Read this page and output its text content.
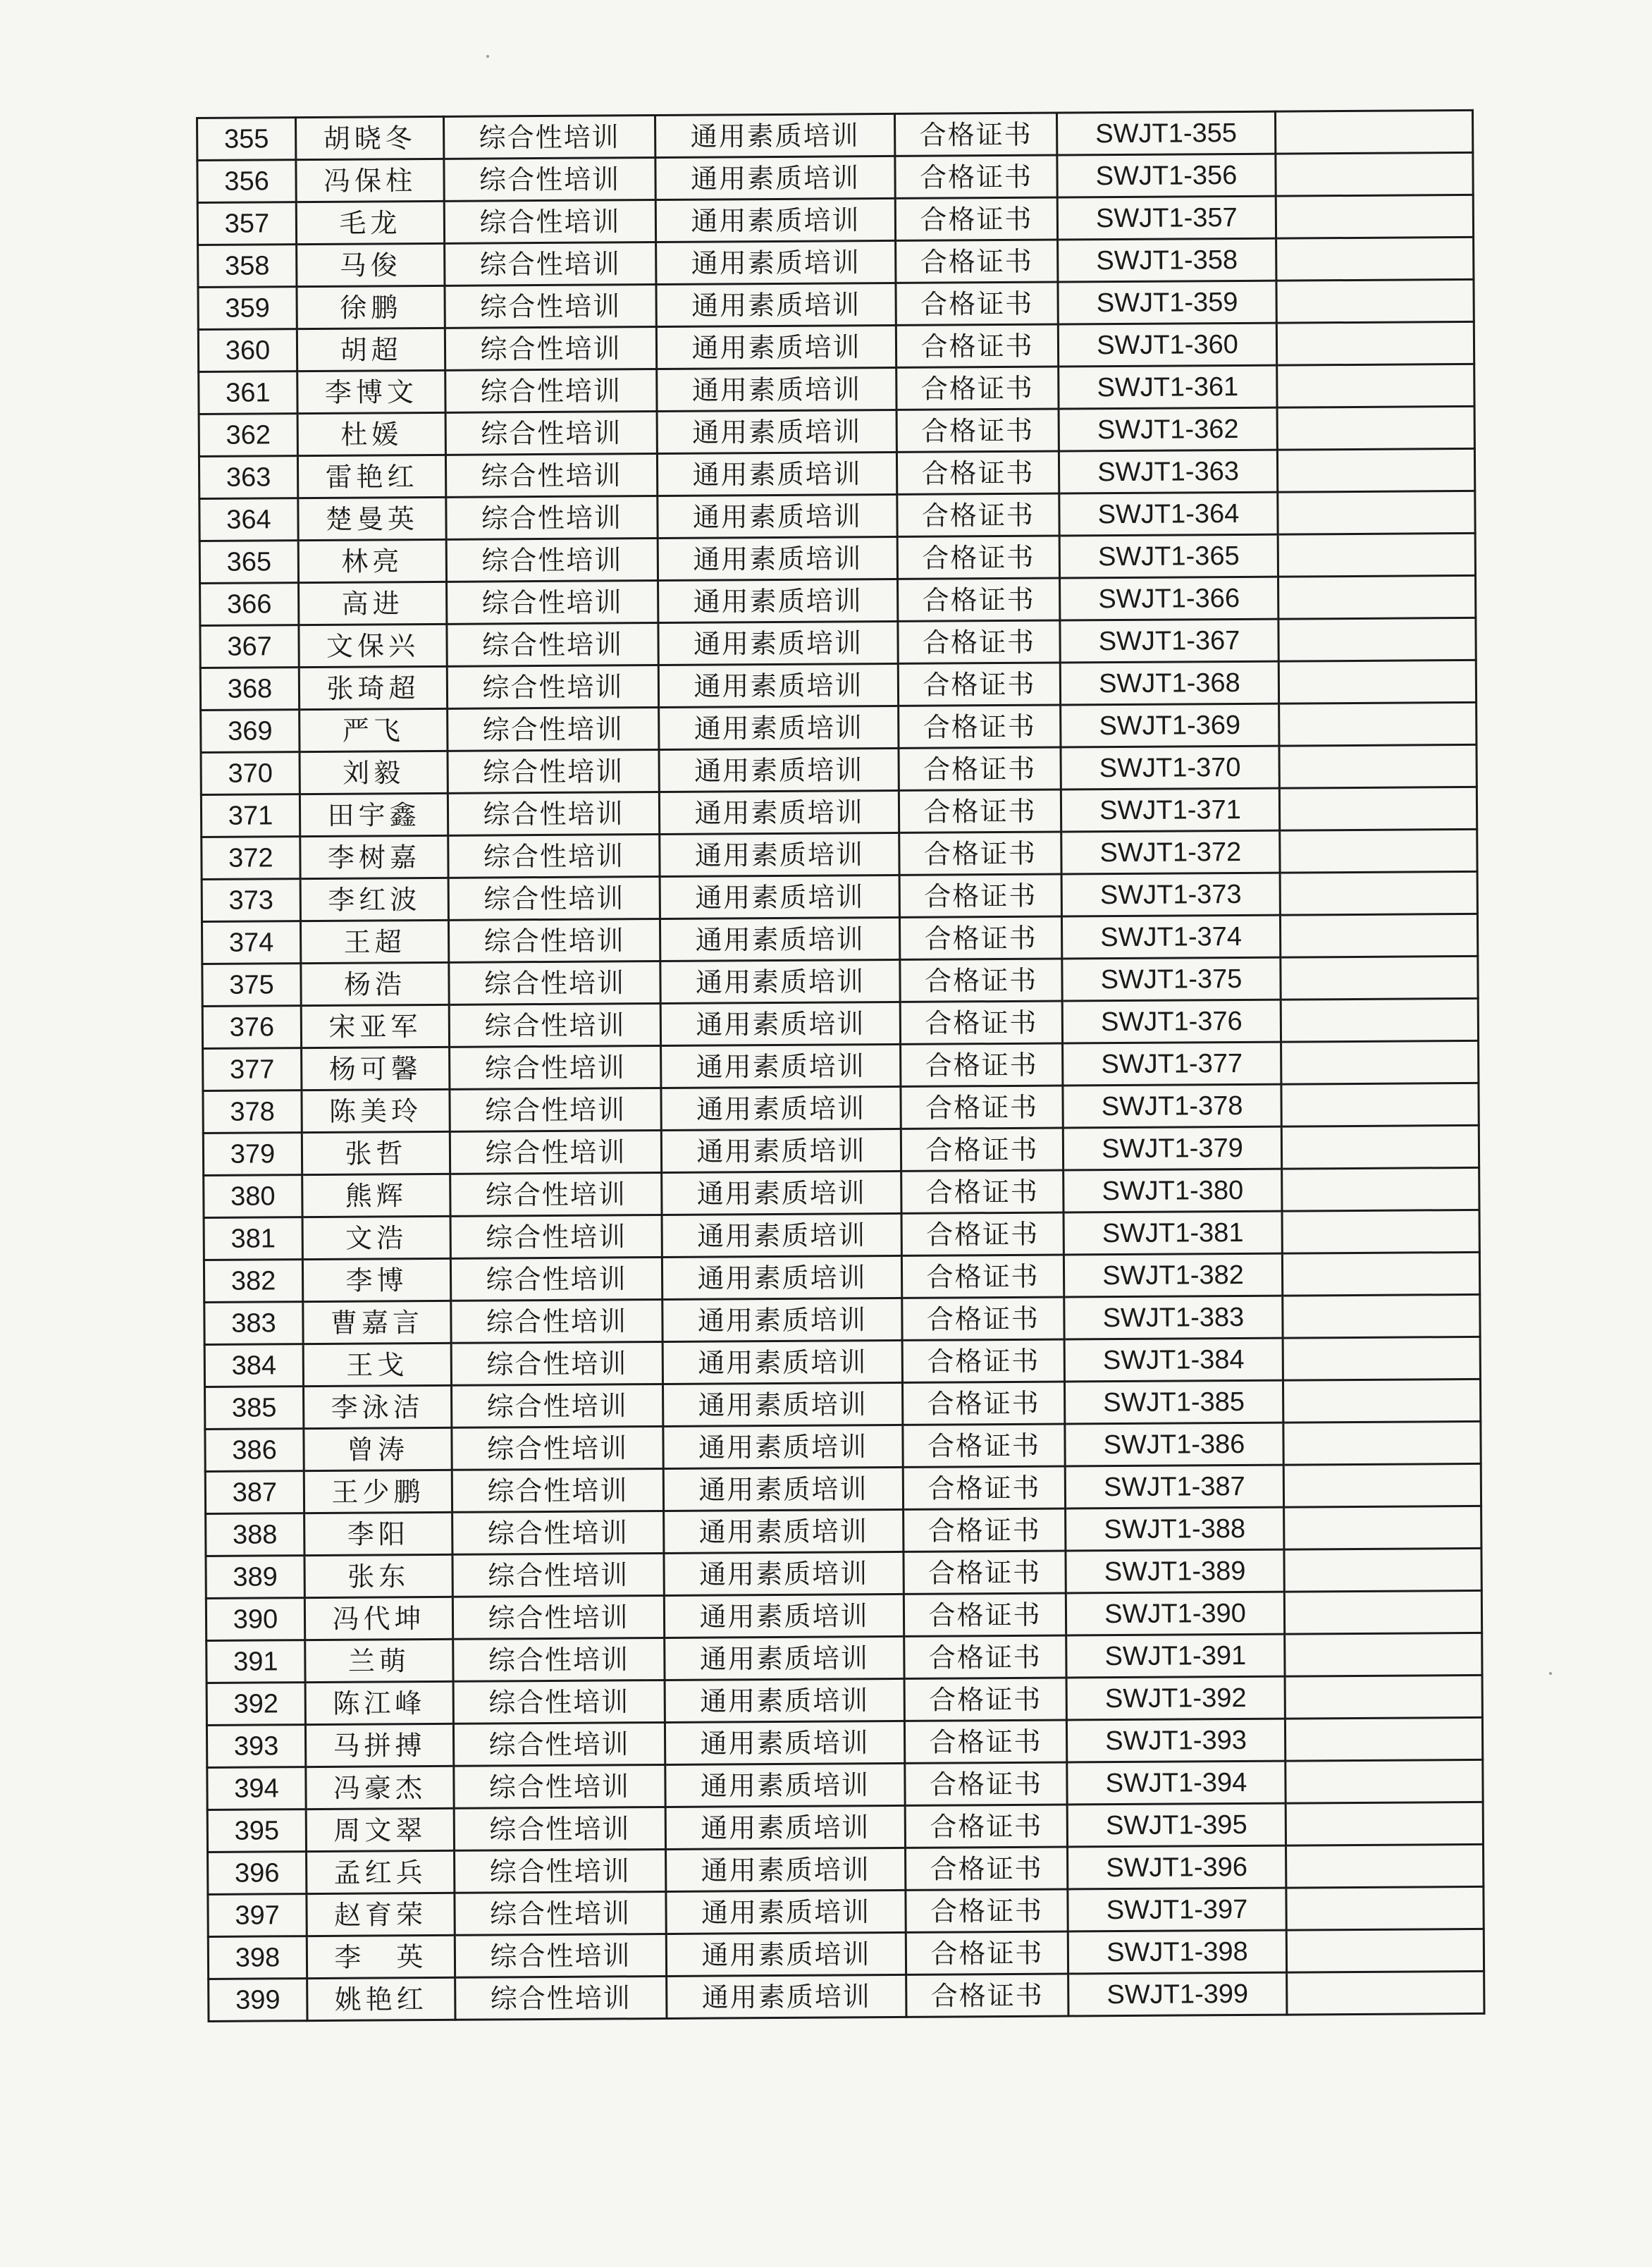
355	胡晓冬	综合性培训	通用素质培训	合格证书	SWJT1-355	
356	冯保柱	综合性培训	通用素质培训	合格证书	SWJT1-356	
357	毛龙	综合性培训	通用素质培训	合格证书	SWJT1-357	
358	马俊	综合性培训	通用素质培训	合格证书	SWJT1-358	
359	徐鹏	综合性培训	通用素质培训	合格证书	SWJT1-359	
360	胡超	综合性培训	通用素质培训	合格证书	SWJT1-360	
361	李博文	综合性培训	通用素质培训	合格证书	SWJT1-361	
362	杜媛	综合性培训	通用素质培训	合格证书	SWJT1-362	
363	雷艳红	综合性培训	通用素质培训	合格证书	SWJT1-363	
364	楚曼英	综合性培训	通用素质培训	合格证书	SWJT1-364	
365	林亮	综合性培训	通用素质培训	合格证书	SWJT1-365	
366	高进	综合性培训	通用素质培训	合格证书	SWJT1-366	
367	文保兴	综合性培训	通用素质培训	合格证书	SWJT1-367	
368	张琦超	综合性培训	通用素质培训	合格证书	SWJT1-368	
369	严飞	综合性培训	通用素质培训	合格证书	SWJT1-369	
370	刘毅	综合性培训	通用素质培训	合格证书	SWJT1-370	
371	田宇鑫	综合性培训	通用素质培训	合格证书	SWJT1-371	
372	李树嘉	综合性培训	通用素质培训	合格证书	SWJT1-372	
373	李红波	综合性培训	通用素质培训	合格证书	SWJT1-373	
374	王超	综合性培训	通用素质培训	合格证书	SWJT1-374	
375	杨浩	综合性培训	通用素质培训	合格证书	SWJT1-375	
376	宋亚军	综合性培训	通用素质培训	合格证书	SWJT1-376	
377	杨可馨	综合性培训	通用素质培训	合格证书	SWJT1-377	
378	陈美玲	综合性培训	通用素质培训	合格证书	SWJT1-378	
379	张哲	综合性培训	通用素质培训	合格证书	SWJT1-379	
380	熊辉	综合性培训	通用素质培训	合格证书	SWJT1-380	
381	文浩	综合性培训	通用素质培训	合格证书	SWJT1-381	
382	李博	综合性培训	通用素质培训	合格证书	SWJT1-382	
383	曹嘉言	综合性培训	通用素质培训	合格证书	SWJT1-383	
384	王戈	综合性培训	通用素质培训	合格证书	SWJT1-384	
385	李泳洁	综合性培训	通用素质培训	合格证书	SWJT1-385	
386	曾涛	综合性培训	通用素质培训	合格证书	SWJT1-386	
387	王少鹏	综合性培训	通用素质培训	合格证书	SWJT1-387	
388	李阳	综合性培训	通用素质培训	合格证书	SWJT1-388	
389	张东	综合性培训	通用素质培训	合格证书	SWJT1-389	
390	冯代坤	综合性培训	通用素质培训	合格证书	SWJT1-390	
391	兰萌	综合性培训	通用素质培训	合格证书	SWJT1-391	
392	陈江峰	综合性培训	通用素质培训	合格证书	SWJT1-392	
393	马拼搏	综合性培训	通用素质培训	合格证书	SWJT1-393	
394	冯豪杰	综合性培训	通用素质培训	合格证书	SWJT1-394	
395	周文翠	综合性培训	通用素质培训	合格证书	SWJT1-395	
396	孟红兵	综合性培训	通用素质培训	合格证书	SWJT1-396	
397	赵育荣	综合性培训	通用素质培训	合格证书	SWJT1-397	
398	李　英	综合性培训	通用素质培训	合格证书	SWJT1-398	
399	姚艳红	综合性培训	通用素质培训	合格证书	SWJT1-399	
